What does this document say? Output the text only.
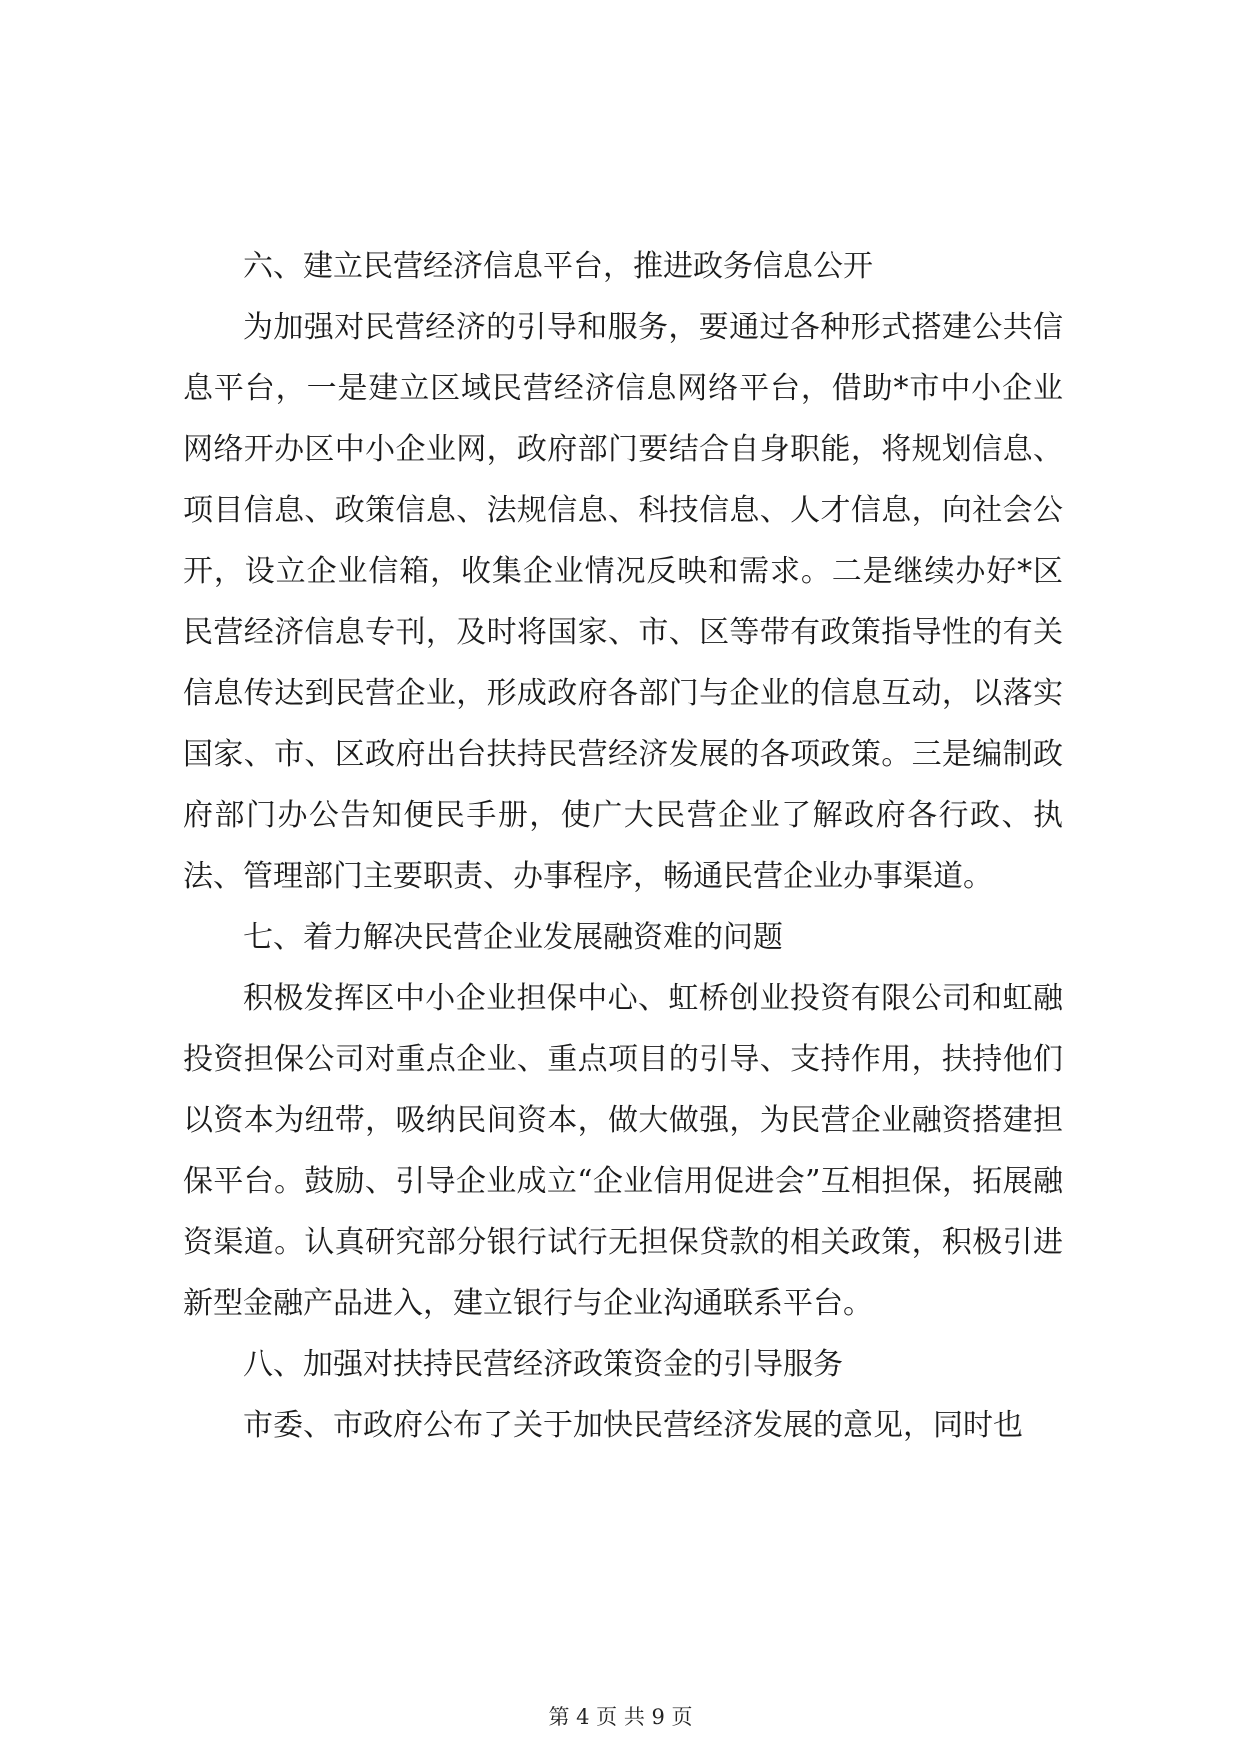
六、建立民营经济信息平台，推进政务信息公开

为加强对民营经济的引导和服务，要通过各种形式搭建公共信息平台，一是建立区域民营经济信息网络平台，借助*市中小企业网络开办区中小企业网，政府部门要结合自身职能，将规划信息、项目信息、政策信息、法规信息、科技信息、人才信息，向社会公开，设立企业信箱，收集企业情况反映和需求。二是继续办好*区民营经济信息专刊，及时将国家、市、区等带有政策指导性的有关信息传达到民营企业，形成政府各部门与企业的信息互动，以落实国家、市、区政府出台扶持民营经济发展的各项政策。三是编制政府部门办公告知便民手册，使广大民营企业了解政府各行政、执法、管理部门主要职责、办事程序，畅通民营企业办事渠道。

七、着力解决民营企业发展融资难的问题

积极发挥区中小企业担保中心、虹桥创业投资有限公司和虹融投资担保公司对重点企业、重点项目的引导、支持作用，扶持他们以资本为纽带，吸纳民间资本，做大做强，为民营企业融资搭建担保平台。鼓励、引导企业成立“企业信用促进会”互相担保，拓展融资渠道。认真研究部分银行试行无担保贷款的相关政策，积极引进新型金融产品进入，建立银行与企业沟通联系平台。

八、加强对扶持民营经济政策资金的引导服务

市委、市政府公布了关于加快民营经济发展的意见，同时也

第 4 页 共 9 页
